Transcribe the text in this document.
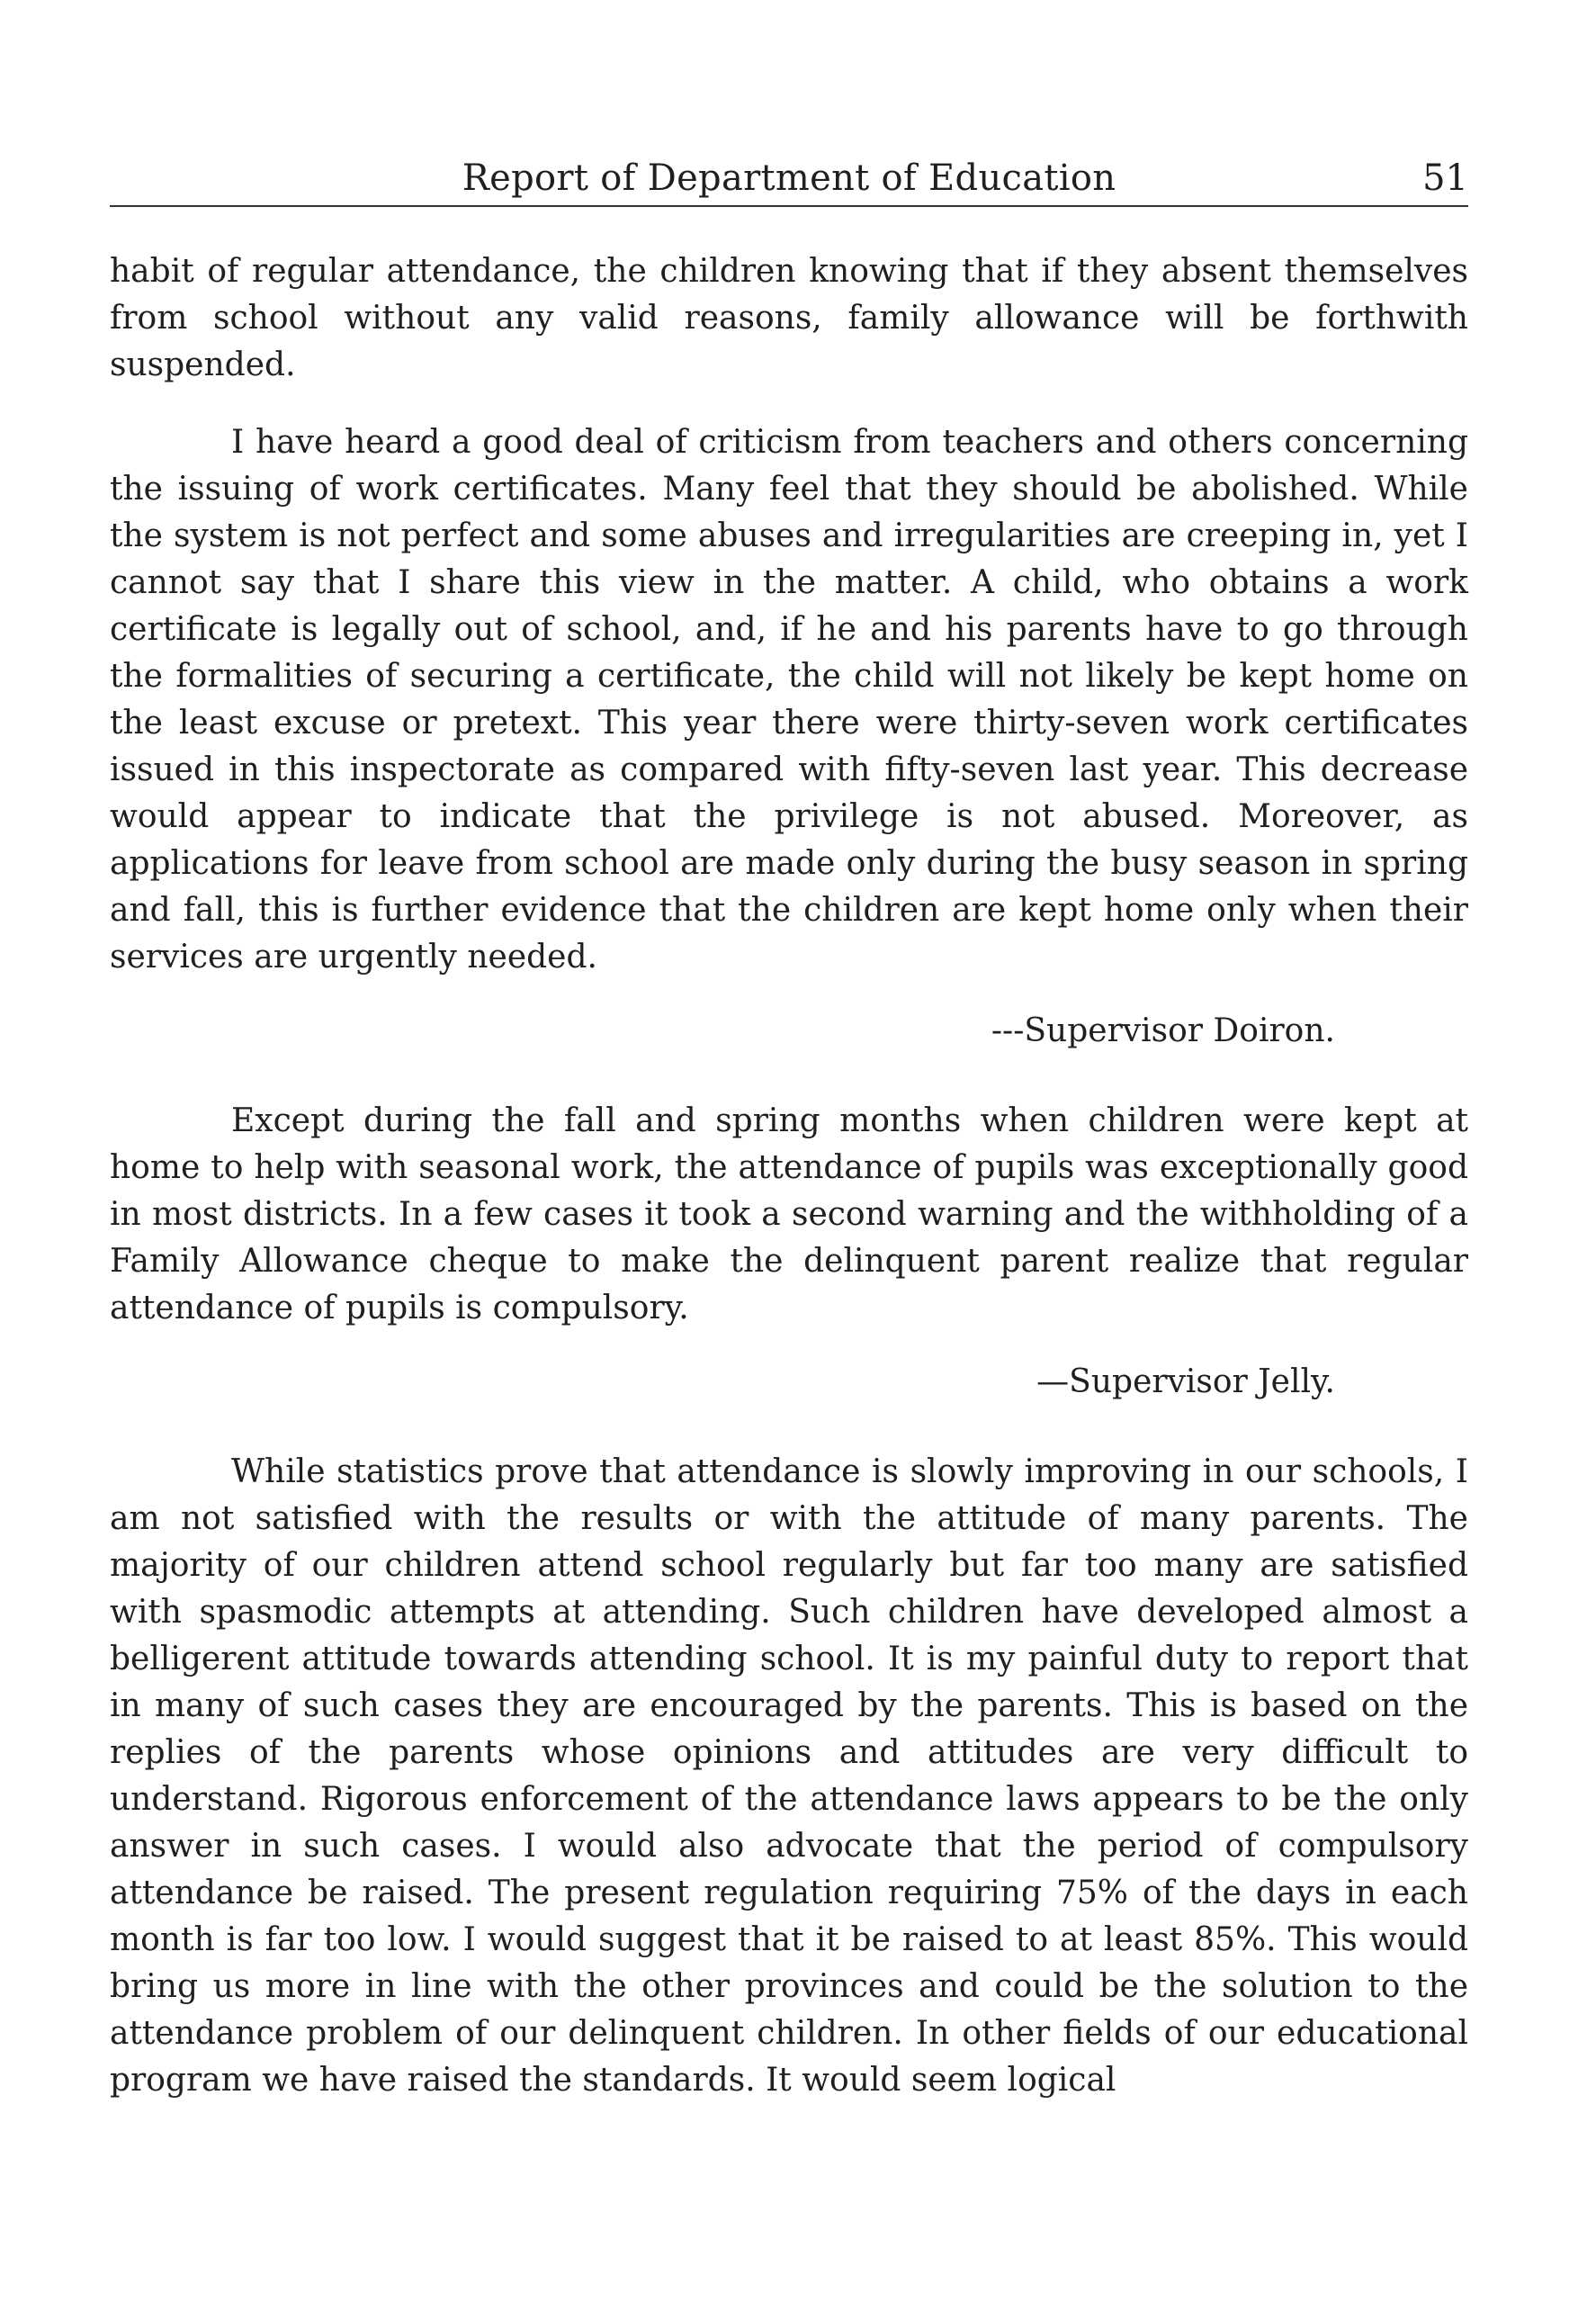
Report of Department of Education	51

habit of regular attendance, the children knowing that if they absent themselves from school without any valid reasons, family allowance will be forthwith suspended.

I have heard a good deal of criticism from teachers and others concerning the issuing of work certificates. Many feel that they should be abolished. While the system is not perfect and some abuses and irregularities are creeping in, yet I cannot say that I share this view in the matter. A child, who obtains a work certificate is legally out of school, and, if he and his parents have to go through the formalities of securing a certificate, the child will not likely be kept home on the least excuse or pretext. This year there were thirty-seven work certificates issued in this inspectorate as compared with fifty-seven last year. This decrease would appear to indicate that the privilege is not abused. Moreover, as applications for leave from school are made only during the busy season in spring and fall, this is further evidence that the children are kept home only when their services are urgently needed.

---Supervisor Doiron.

Except during the fall and spring months when children were kept at home to help with seasonal work, the attendance of pupils was exceptionally good in most districts. In a few cases it took a second warning and the withholding of a Family Allowance cheque to make the delinquent parent realize that regular attendance of pupils is compulsory.

—Supervisor Jelly.

While statistics prove that attendance is slowly improving in our schools, I am not satisfied with the results or with the attitude of many parents. The majority of our children attend school regularly but far too many are satisfied with spasmodic attempts at attending. Such children have developed almost a belligerent attitude towards attending school. It is my painful duty to report that in many of such cases they are encouraged by the parents. This is based on the replies of the parents whose opinions and attitudes are very difficult to understand. Rigorous enforcement of the attendance laws appears to be the only answer in such cases. I would also advocate that the period of compulsory attendance be raised. The present regulation requiring 75% of the days in each month is far too low. I would suggest that it be raised to at least 85%. This would bring us more in line with the other provinces and could be the solution to the attendance problem of our delinquent children. In other fields of our educational program we have raised the standards. It would seem logical
